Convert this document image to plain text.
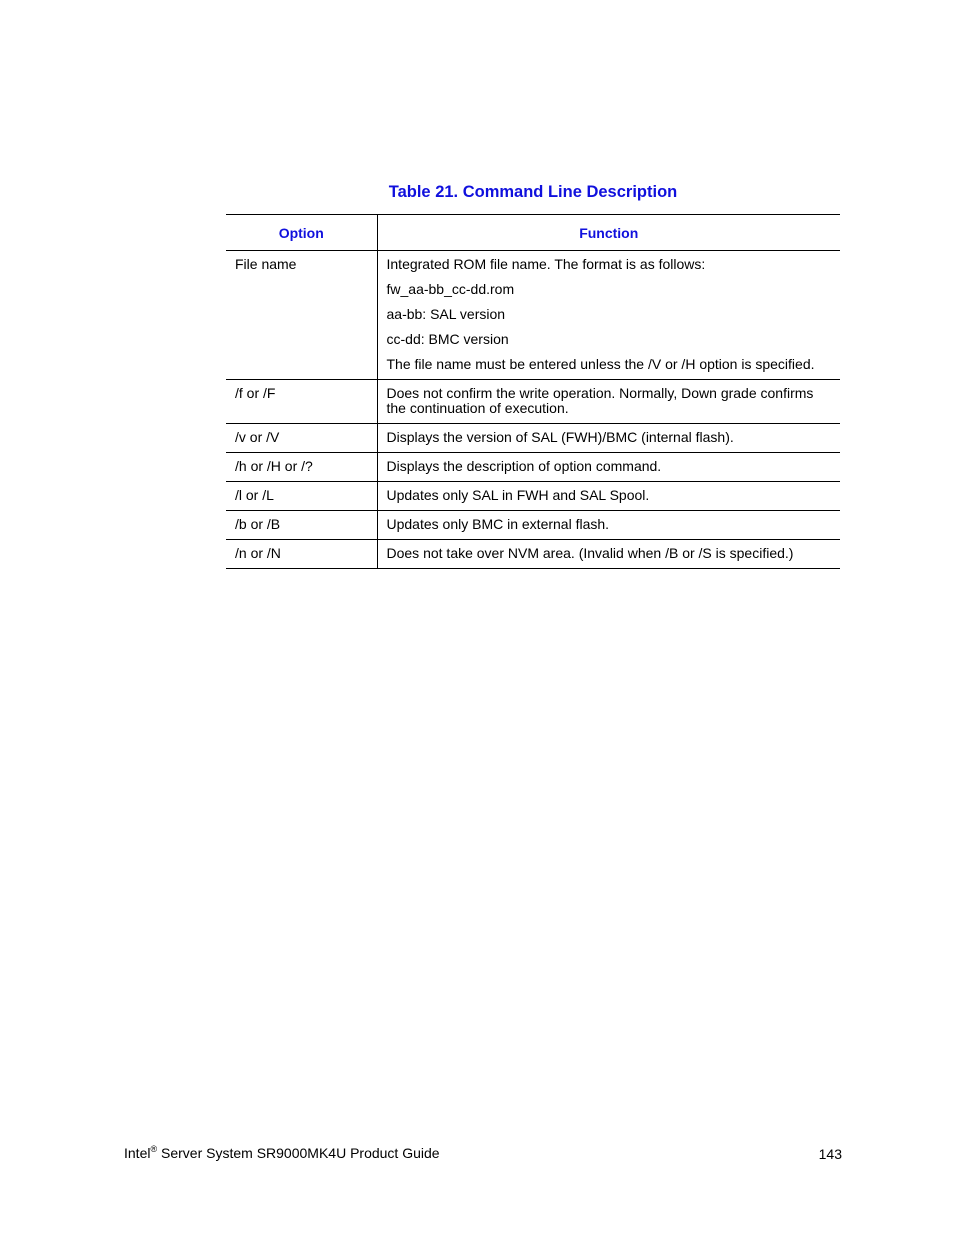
Table 21. Command Line Description
Option	Function
File name	Integrated ROM file name. The format is as follows:

fw_aa-bb_cc-dd.rom

aa-bb: SAL version

cc-dd: BMC version

The file name must be entered unless the /V or /H option is specified.

/f or /F	Does not confirm the write operation. Normally, Down grade confirms the continuation of execution.

/v or /V	Displays the version of SAL (FWH)/BMC (internal flash).

/h or /H or /?	Displays the description of option command.

/l or /L	Updates only SAL in FWH and SAL Spool.

/b or /B	Updates only BMC in external flash.

/n or /N	Does not take over NVM area. (Invalid when /B or /S is specified.)

Intel® Server System SR9000MK4U Product Guide	143
